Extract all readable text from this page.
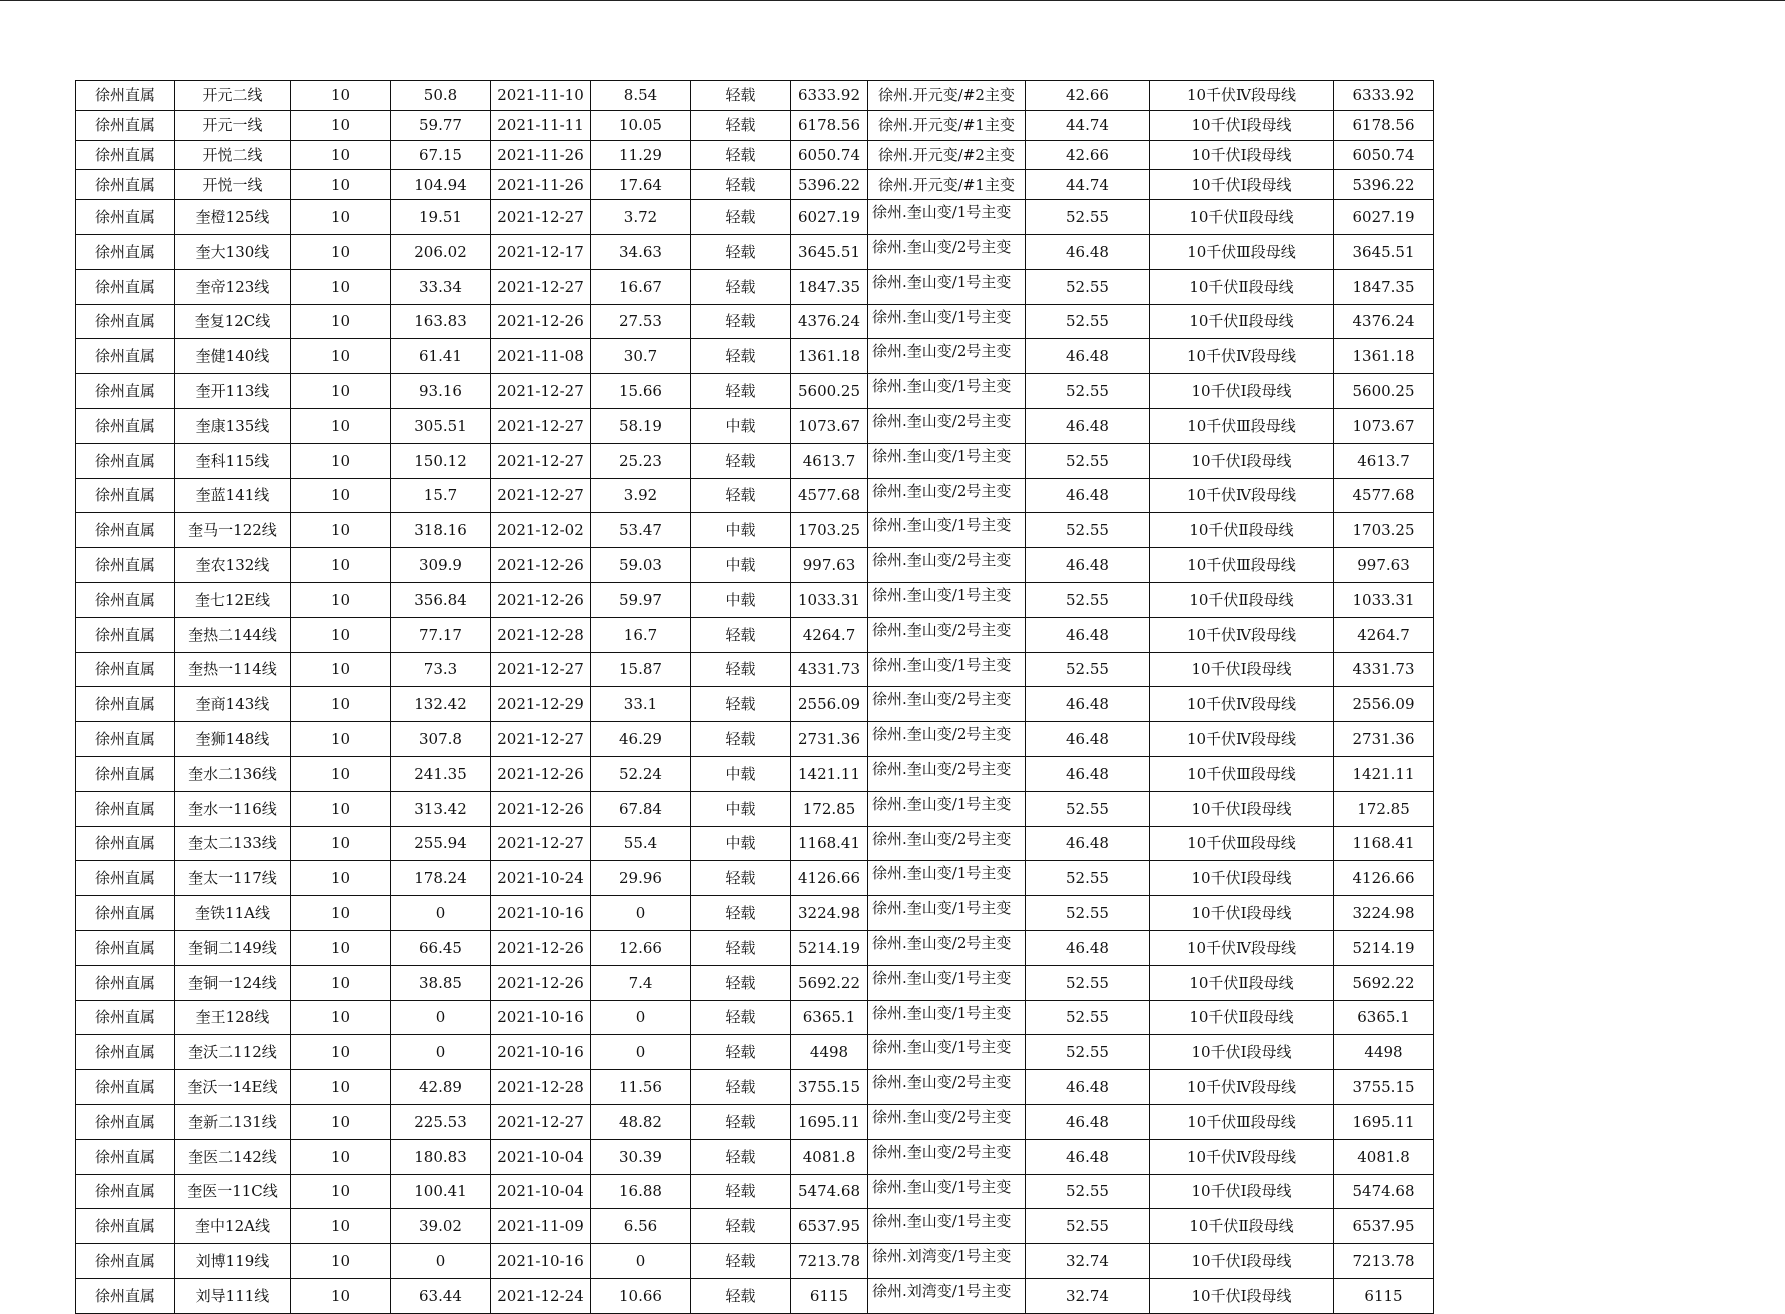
徐州直属	开元二线	10	50.8	2021-11-10	8.54	轻载	6333.92	徐州.开元变/#2主变	42.66	10千伏Ⅳ段母线	6333.92
徐州直属	开元一线	10	59.77	2021-11-11	10.05	轻载	6178.56	徐州.开元变/#1主变	44.74	10千伏Ⅰ段母线	6178.56
徐州直属	开悦二线	10	67.15	2021-11-26	11.29	轻载	6050.74	徐州.开元变/#2主变	42.66	10千伏Ⅰ段母线	6050.74
徐州直属	开悦一线	10	104.94	2021-11-26	17.64	轻载	5396.22	徐州.开元变/#1主变	44.74	10千伏Ⅰ段母线	5396.22
徐州直属	奎橙125线	10	19.51	2021-12-27	3.72	轻载	6027.19	徐州.奎山变/1号主变	52.55	10千伏Ⅱ段母线	6027.19
徐州直属	奎大130线	10	206.02	2021-12-17	34.63	轻载	3645.51	徐州.奎山变/2号主变	46.48	10千伏Ⅲ段母线	3645.51
徐州直属	奎帝123线	10	33.34	2021-12-27	16.67	轻载	1847.35	徐州.奎山变/1号主变	52.55	10千伏Ⅱ段母线	1847.35
徐州直属	奎复12C线	10	163.83	2021-12-26	27.53	轻载	4376.24	徐州.奎山变/1号主变	52.55	10千伏Ⅱ段母线	4376.24
徐州直属	奎健140线	10	61.41	2021-11-08	30.7	轻载	1361.18	徐州.奎山变/2号主变	46.48	10千伏Ⅳ段母线	1361.18
徐州直属	奎开113线	10	93.16	2021-12-27	15.66	轻载	5600.25	徐州.奎山变/1号主变	52.55	10千伏Ⅰ段母线	5600.25
徐州直属	奎康135线	10	305.51	2021-12-27	58.19	中载	1073.67	徐州.奎山变/2号主变	46.48	10千伏Ⅲ段母线	1073.67
徐州直属	奎科115线	10	150.12	2021-12-27	25.23	轻载	4613.7	徐州.奎山变/1号主变	52.55	10千伏Ⅰ段母线	4613.7
徐州直属	奎蓝141线	10	15.7	2021-12-27	3.92	轻载	4577.68	徐州.奎山变/2号主变	46.48	10千伏Ⅳ段母线	4577.68
徐州直属	奎马一122线	10	318.16	2021-12-02	53.47	中载	1703.25	徐州.奎山变/1号主变	52.55	10千伏Ⅱ段母线	1703.25
徐州直属	奎农132线	10	309.9	2021-12-26	59.03	中载	997.63	徐州.奎山变/2号主变	46.48	10千伏Ⅲ段母线	997.63
徐州直属	奎七12E线	10	356.84	2021-12-26	59.97	中载	1033.31	徐州.奎山变/1号主变	52.55	10千伏Ⅱ段母线	1033.31
徐州直属	奎热二144线	10	77.17	2021-12-28	16.7	轻载	4264.7	徐州.奎山变/2号主变	46.48	10千伏Ⅳ段母线	4264.7
徐州直属	奎热一114线	10	73.3	2021-12-27	15.87	轻载	4331.73	徐州.奎山变/1号主变	52.55	10千伏Ⅰ段母线	4331.73
徐州直属	奎商143线	10	132.42	2021-12-29	33.1	轻载	2556.09	徐州.奎山变/2号主变	46.48	10千伏Ⅳ段母线	2556.09
徐州直属	奎狮148线	10	307.8	2021-12-27	46.29	轻载	2731.36	徐州.奎山变/2号主变	46.48	10千伏Ⅳ段母线	2731.36
徐州直属	奎水二136线	10	241.35	2021-12-26	52.24	中载	1421.11	徐州.奎山变/2号主变	46.48	10千伏Ⅲ段母线	1421.11
徐州直属	奎水一116线	10	313.42	2021-12-26	67.84	中载	172.85	徐州.奎山变/1号主变	52.55	10千伏Ⅰ段母线	172.85
徐州直属	奎太二133线	10	255.94	2021-12-27	55.4	中载	1168.41	徐州.奎山变/2号主变	46.48	10千伏Ⅲ段母线	1168.41
徐州直属	奎太一117线	10	178.24	2021-10-24	29.96	轻载	4126.66	徐州.奎山变/1号主变	52.55	10千伏Ⅰ段母线	4126.66
徐州直属	奎铁11A线	10	0	2021-10-16	0	轻载	3224.98	徐州.奎山变/1号主变	52.55	10千伏Ⅰ段母线	3224.98
徐州直属	奎铜二149线	10	66.45	2021-12-26	12.66	轻载	5214.19	徐州.奎山变/2号主变	46.48	10千伏Ⅳ段母线	5214.19
徐州直属	奎铜一124线	10	38.85	2021-12-26	7.4	轻载	5692.22	徐州.奎山变/1号主变	52.55	10千伏Ⅱ段母线	5692.22
徐州直属	奎王128线	10	0	2021-10-16	0	轻载	6365.1	徐州.奎山变/1号主变	52.55	10千伏Ⅱ段母线	6365.1
徐州直属	奎沃二112线	10	0	2021-10-16	0	轻载	4498	徐州.奎山变/1号主变	52.55	10千伏Ⅰ段母线	4498
徐州直属	奎沃一14E线	10	42.89	2021-12-28	11.56	轻载	3755.15	徐州.奎山变/2号主变	46.48	10千伏Ⅳ段母线	3755.15
徐州直属	奎新二131线	10	225.53	2021-12-27	48.82	轻载	1695.11	徐州.奎山变/2号主变	46.48	10千伏Ⅲ段母线	1695.11
徐州直属	奎医二142线	10	180.83	2021-10-04	30.39	轻载	4081.8	徐州.奎山变/2号主变	46.48	10千伏Ⅳ段母线	4081.8
徐州直属	奎医一11C线	10	100.41	2021-10-04	16.88	轻载	5474.68	徐州.奎山变/1号主变	52.55	10千伏Ⅰ段母线	5474.68
徐州直属	奎中12A线	10	39.02	2021-11-09	6.56	轻载	6537.95	徐州.奎山变/1号主变	52.55	10千伏Ⅱ段母线	6537.95
徐州直属	刘博119线	10	0	2021-10-16	0	轻载	7213.78	徐州.刘湾变/1号主变	32.74	10千伏Ⅰ段母线	7213.78
徐州直属	刘导111线	10	63.44	2021-12-24	10.66	轻载	6115	徐州.刘湾变/1号主变	32.74	10千伏Ⅰ段母线	6115
